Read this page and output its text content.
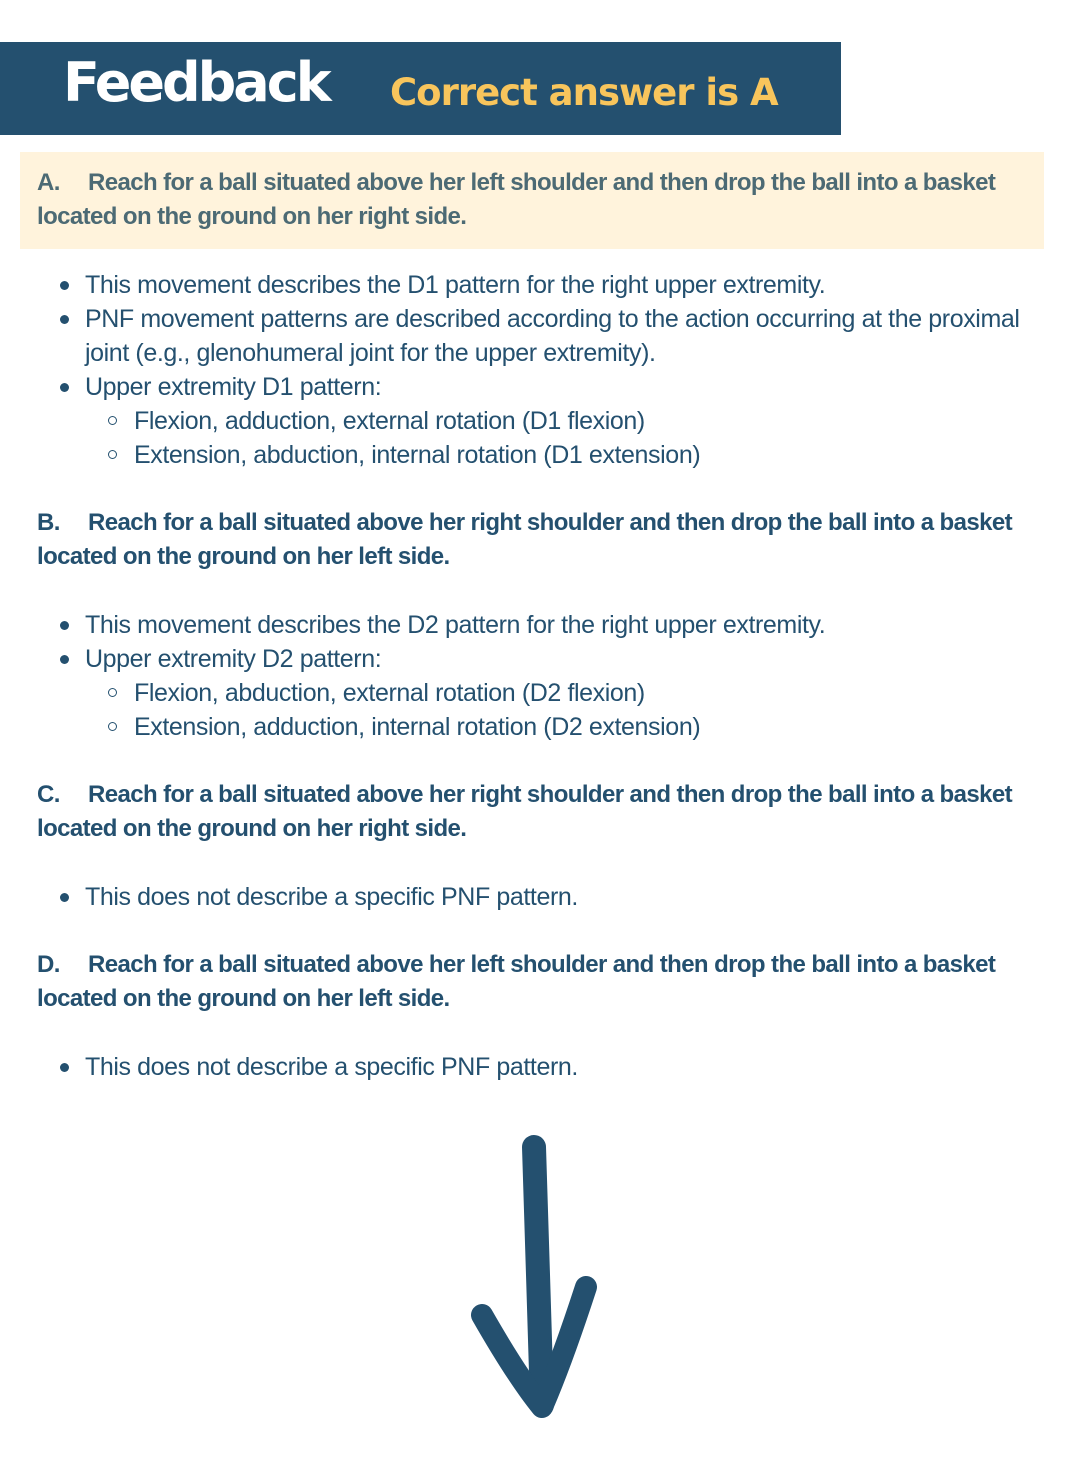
Feedback Correct answer is A
A. Reach for a ball situated above her left shoulder and then drop the ball into a basket located on the ground on her right side.
This movement describes the D1 pattern for the right upper extremity.
PNF movement patterns are described according to the action occurring at the proximal joint (e.g., glenohumeral joint for the upper extremity).
Upper extremity D1 pattern:
Flexion, adduction, external rotation (D1 flexion)
Extension, abduction, internal rotation (D1 extension)
B. Reach for a ball situated above her right shoulder and then drop the ball into a basket located on the ground on her left side.
This movement describes the D2 pattern for the right upper extremity.
Upper extremity D2 pattern:
Flexion, abduction, external rotation (D2 flexion)
Extension, adduction, internal rotation (D2 extension)
C. Reach for a ball situated above her right shoulder and then drop the ball into a basket located on the ground on her right side.
This does not describe a specific PNF pattern.
D. Reach for a ball situated above her left shoulder and then drop the ball into a basket located on the ground on her left side.
This does not describe a specific PNF pattern.
